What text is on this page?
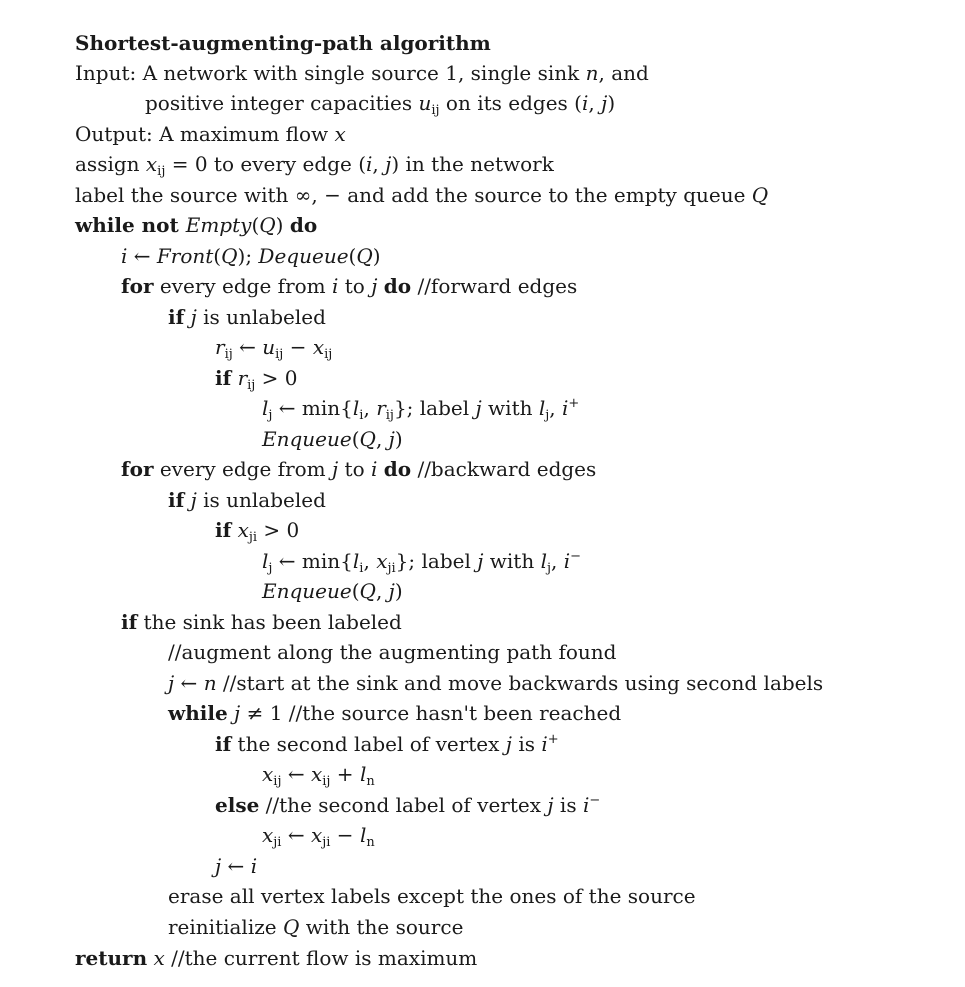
Shortest-augmenting-path algorithm
Input: A network with single source 1, single sink n, and
positive integer capacities $u_{ij}$ on its edges (i, j)
Output: A maximum flow x
assign $x_{ij} = 0$ to every edge (i, j) in the network
label the source with ∞, − and add the source to the empty queue Q
while not Empty(Q) do
i ← Front(Q); Dequeue(Q)
for every edge from i to j do //forward edges
if j is unlabeled
$r_{ij}$ ← $u_{ij} - x_{ij}$
if $r_{ij} > 0$
$l_j$ ← $\min\{l_i$, $r_{ij}$}; label j with $l_j$, i+
Enqueue(Q, j)
for every edge from j to i do //backward edges
if j is unlabeled
if $x_{ji} > 0$
$l_j$ ← $\min\{l_i$, $x_{ji}$}; label j with $l_j$, i−
Enqueue(Q, j)
if the sink has been labeled
//augment along the augmenting path found
j ← n //start at the sink and move backwards using second labels
while j ≠ 1 //the source hasn't been reached
if the second label of vertex j is i+
$x_{ij}$ ← $x_{ij} + l_n$
else //the second label of vertex j is i−
$x_{ji}$ ← $x_{ji} - l_n$
j ← i
erase all vertex labels except the ones of the source
reinitialize Q with the source
return x //the current flow is maximum
